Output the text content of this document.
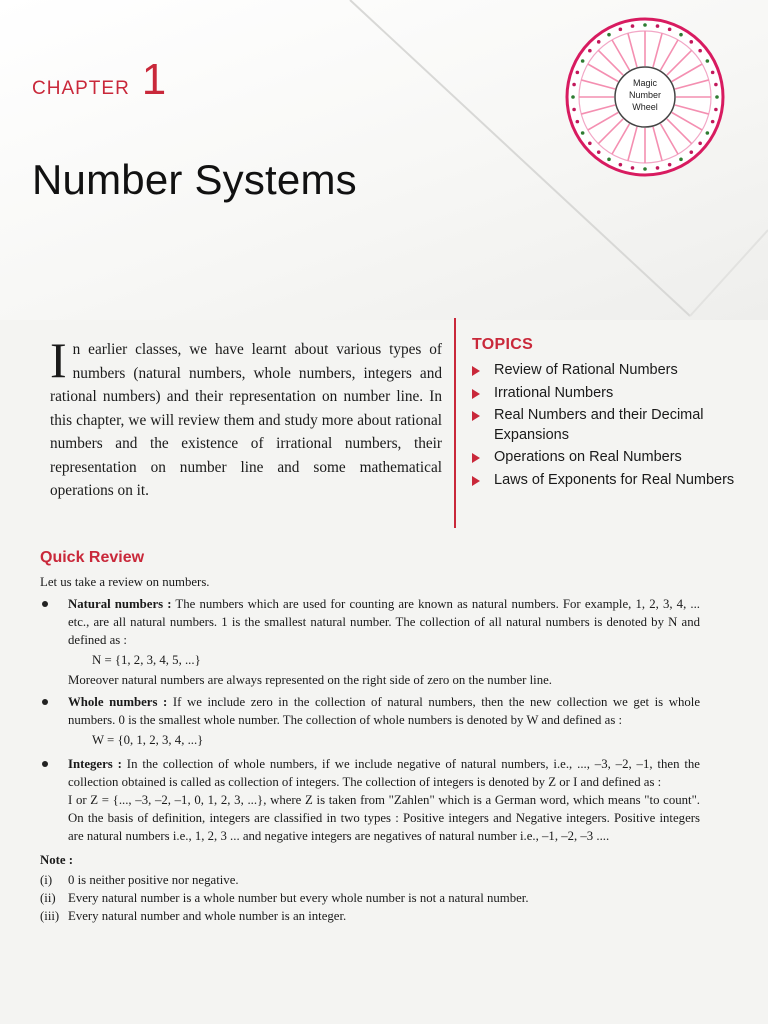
CHAPTER 1
Number Systems
Magic
Number
Wheel

In earlier classes, we have learnt about various types of numbers (natural numbers, whole numbers, integers and rational numbers) and their representation on number line. In this chapter, we will review them and study more about rational numbers and the existence of irrational numbers, their representation on number line and some mathematical operations on it.

TOPICS
Review of Rational Numbers
Irrational Numbers
Real Numbers and their Decimal Expansions
Operations on Real Numbers
Laws of Exponents for Real Numbers
Quick Review

Let us take a review on numbers.

Natural numbers : The numbers which are used for counting are known as natural numbers. For example, 1, 2, 3, 4, ... etc., are all natural numbers. 1 is the smallest natural number. The collection of all natural numbers is denoted by N and defined as :

N = {1, 2, 3, 4, 5, ...}

Moreover natural numbers are always represented on the right side of zero on the number line.

Whole numbers : If we include zero in the collection of natural numbers, then the new collection we get is whole numbers. 0 is the smallest whole number. The collection of whole numbers is denoted by W and defined as :

W = {0, 1, 2, 3, 4, ...}

Integers : In the collection of whole numbers, if we include negative of natural numbers, i.e., ..., –3, –2, –1, then the collection obtained is called as collection of integers. The collection of integers is denoted by Z or I and defined as :

I or Z = {..., –3, –2, –1, 0, 1, 2, 3, ...}, where Z is taken from "Zahlen" which is a German word, which means "to count". On the basis of definition, integers are classified in two types : Positive integers and Negative integers. Positive integers are natural numbers i.e., 1, 2, 3 ... and negative integers are negatives of natural number i.e., –1, –2, –3 ....

Note :

(i)	0 is neither positive nor negative.
(ii) Every natural number is a whole number but every whole number is not a natural number.
(iii) Every natural number and whole number is an integer.
